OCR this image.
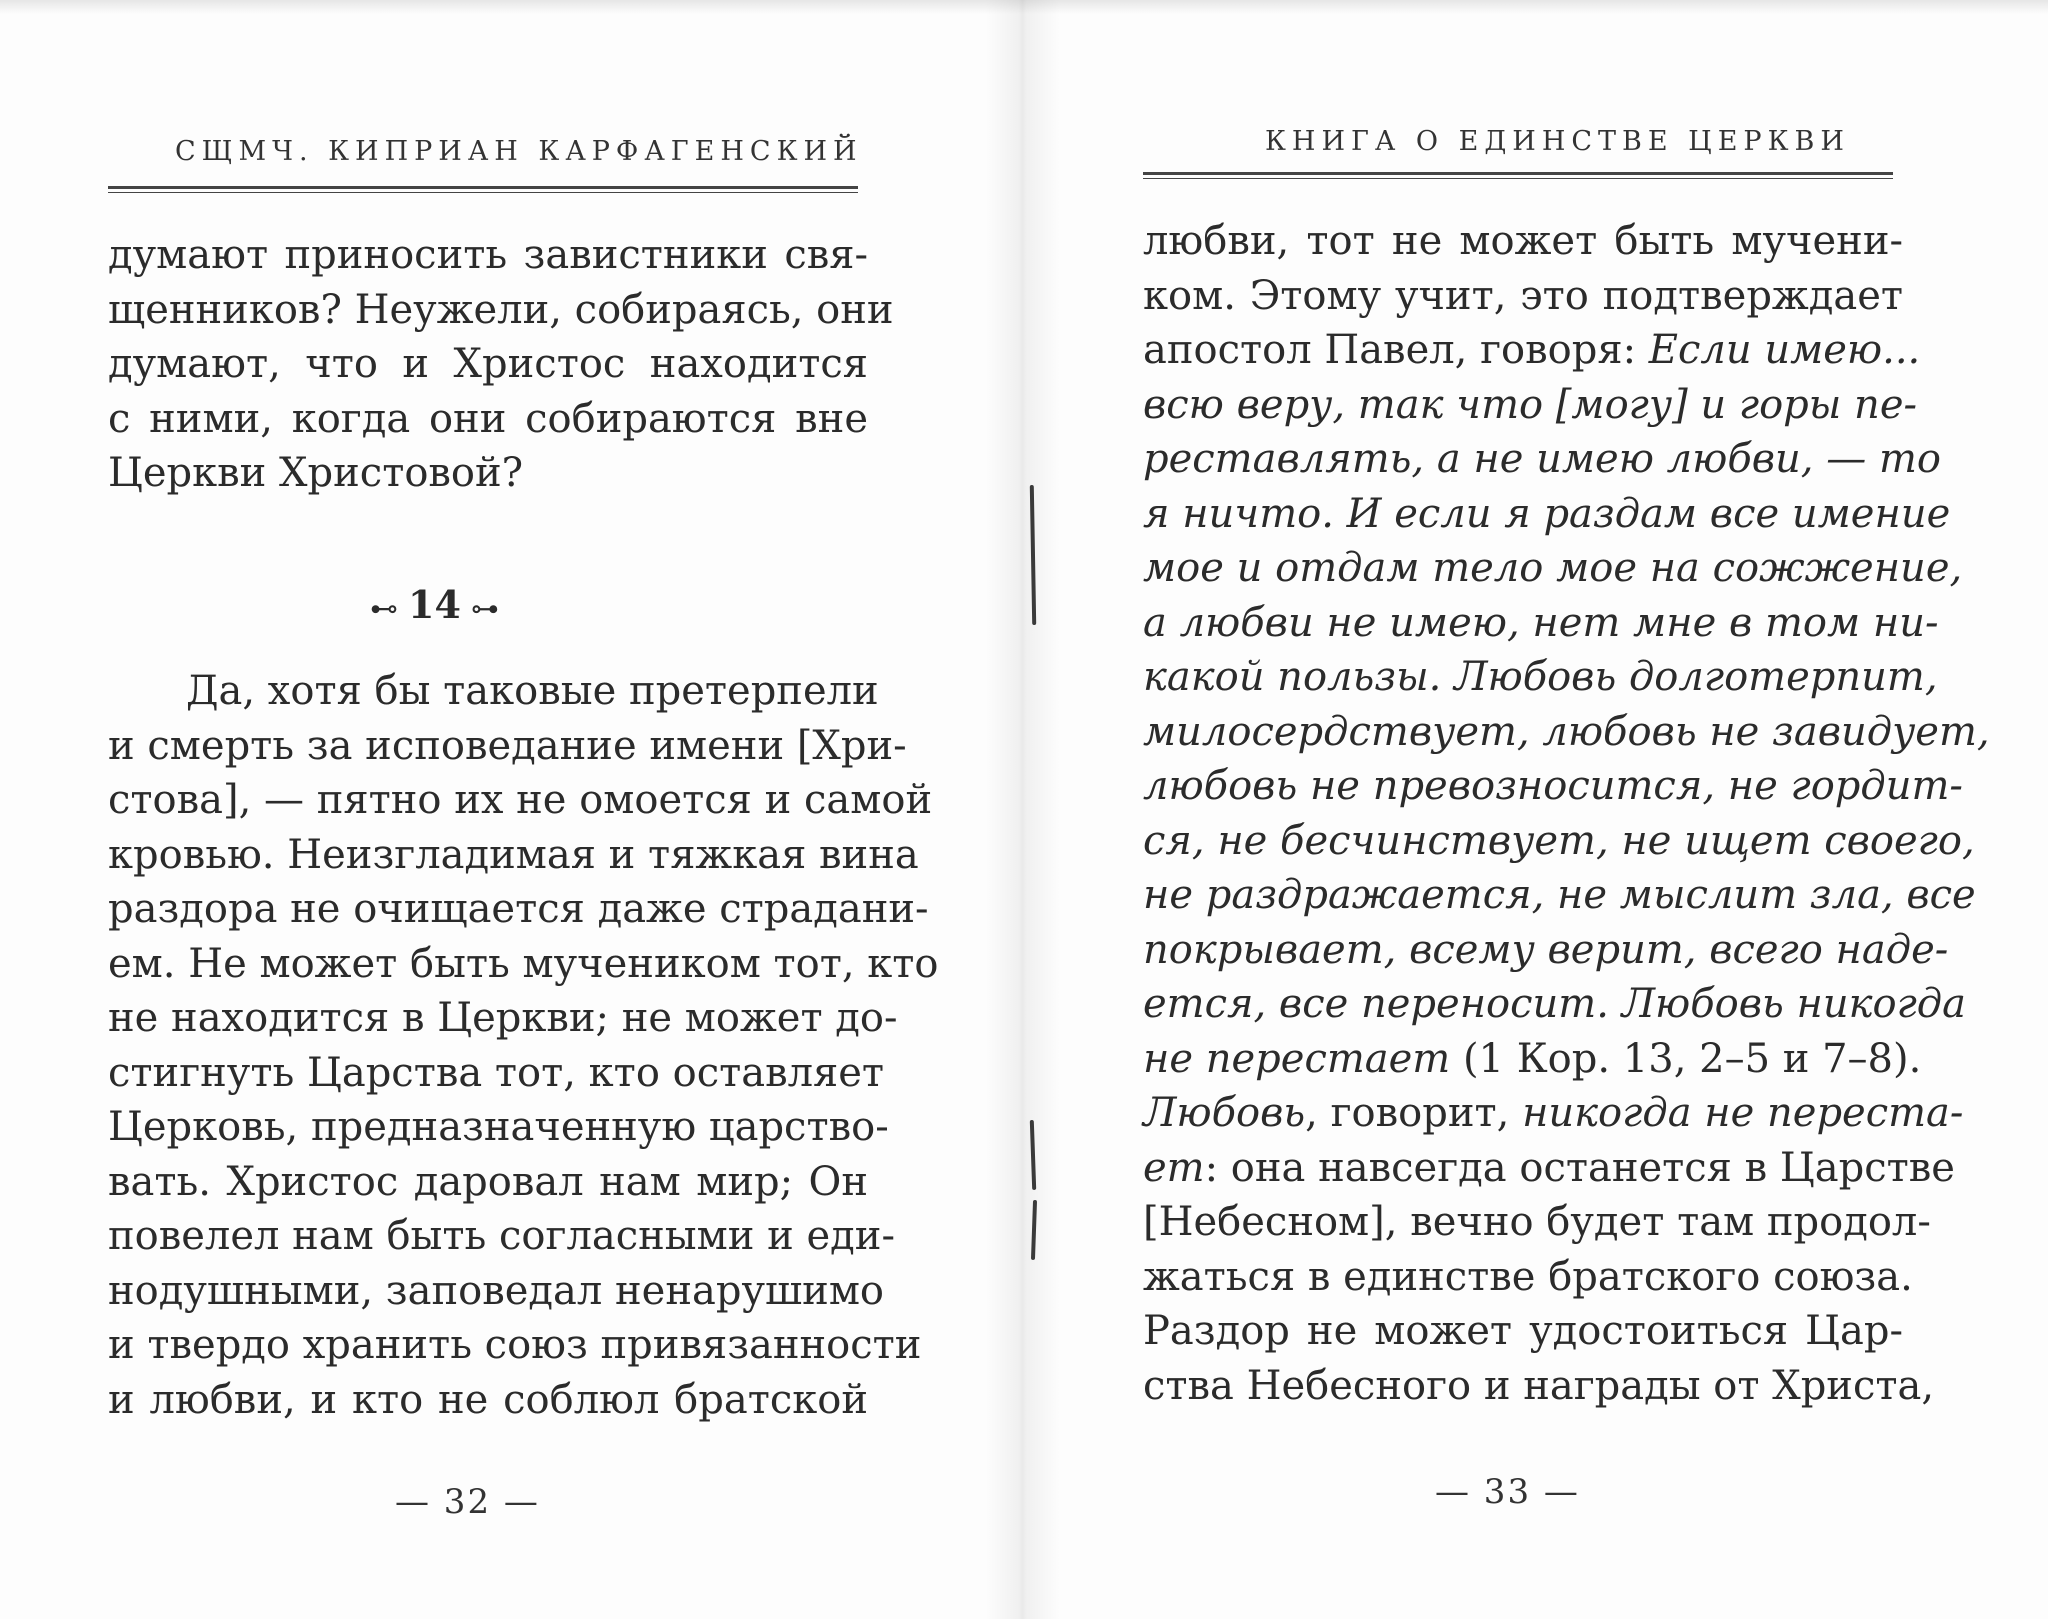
СЩМЧ. КИПРИАН КАРФАГЕНСКИЙ
думают приносить завистники свя-
щенников? Неужели, собираясь, они
думают, что и Христос находится
с ними, когда они собираются вне
Церкви Христовой?
⊷ 14 ⊶
Да, хотя бы таковые претерпели
и смерть за исповедание имени [Хри-
стова], — пятно их не омоется и самой
кровью. Неизгладимая и тяжкая вина
раздора не очищается даже страдани-
ем. Не может быть мучеником тот, кто
не находится в Церкви; не может до-
стигнуть Царства тот, кто оставляет
Церковь, предназначенную царство-
вать. Христос даровал нам мир; Он
повелел нам быть согласными и еди-
нодушными, заповедал ненарушимо
и твердо хранить союз привязанности
и любви, и кто не соблюл братской
— 32 —
КНИГА О ЕДИНСТВЕ ЦЕРКВИ
любви, тот не может быть мучени-
ком. Этому учит, это подтверждает
апостол Павел, говоря: Если имею...
всю веру, так что [могу] и горы пе-
реставлять, а не имею любви, — то
я ничто. И если я раздам все имение
мое и отдам тело мое на сожжение,
а любви не имею, нет мне в том ни-
какой пользы. Любовь долготерпит,
милосердствует, любовь не завидует,
любовь не превозносится, не гордит-
ся, не бесчинствует, не ищет своего,
не раздражается, не мыслит зла, все
покрывает, всему верит, всего наде-
ется, все переносит. Любовь никогда
не перестает (1 Кор. 13, 2–5 и 7–8).
Любовь, говорит, никогда не переста-
ет: она навсегда останется в Царстве
[Небесном], вечно будет там продол-
жаться в единстве братского союза.
Раздор не может удостоиться Цар-
ства Небесного и награды от Христа,
— 33 —
